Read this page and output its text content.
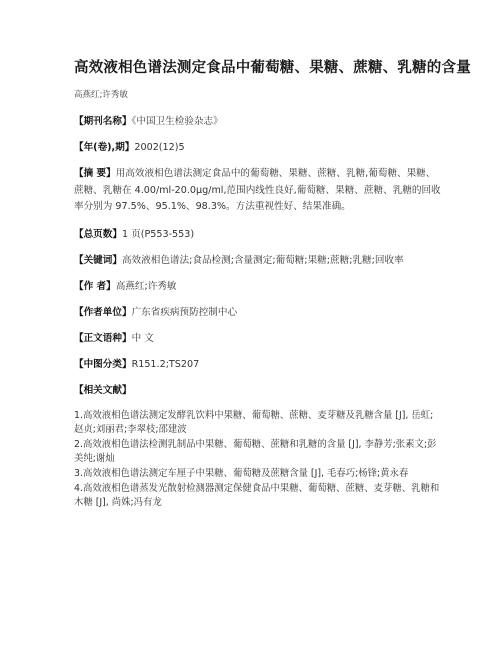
高效液相色谱法测定食品中葡萄糖、果糖、蔗糖、乳糖的含量
高燕红;许秀敏

【期刊名称】《中国卫生检验杂志》

【年(卷),期】2002(12)5

【摘 要】用高效液相色谱法测定食品中的葡萄糖、果糖、蔗糖、乳糖,葡萄糖、果糖、蔗糖、乳糖在 4.00/ml-20.0μg/ml,范围内线性良好,葡萄糖、果糖、蔗糖、乳糖的回收率分别为 97.5%、95.1%、98.3%。方法重视性好、结果准确。

【总页数】1 页(P553-553)

【关键词】高效液相色谱法;食品检测;含量测定;葡萄糖;果糖;蔗糖;乳糖;回收率

【作 者】高燕红;许秀敏

【作者单位】广东省疾病预防控制中心

【正文语种】中 文

【中图分类】R151.2;TS207

【相关文献】

1.高效液相色谱法测定发酵乳饮料中果糖、葡萄糖、蔗糖、麦芽糖及乳糖含量 [J], 岳虹;赵贞;刘丽君;李翠枝;邵建波
2.高效液相色谱法检测乳制品中果糖、葡萄糖、蔗糖和乳糖的含量 [J], 李静芳;张素文;彭美纯;谢灿
3.高效液相色谱法测定车厘子中果糖、葡萄糖及蔗糖含量 [J], 毛春巧;杨锋;黄永春
4.高效液相色谱蒸发光散射检测器测定保健食品中果糖、葡萄糖、蔗糖、麦芽糖、乳糖和木糖 [J], 尚姝;冯有龙
